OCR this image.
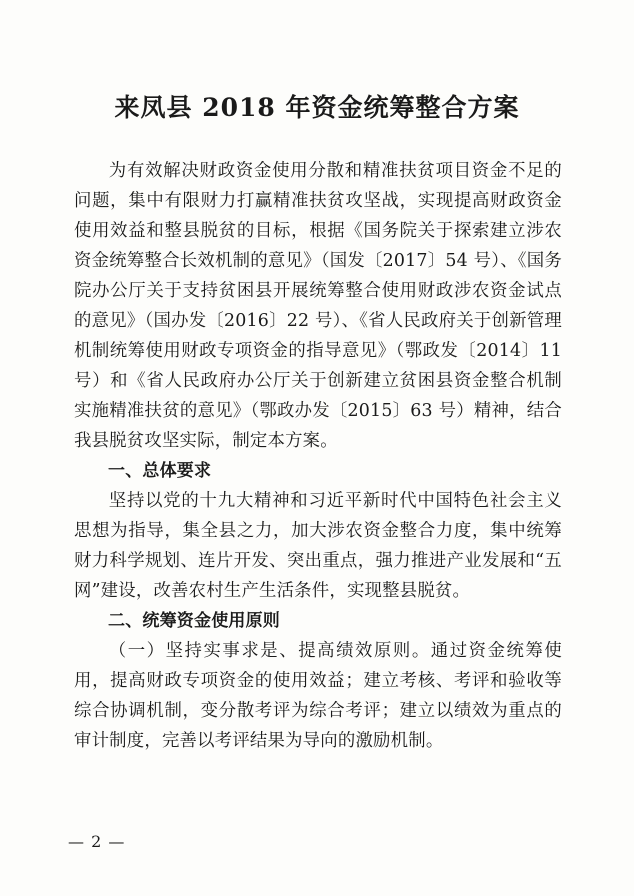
来凤县 2018 年资金统筹整合方案

为有效解决财政资金使用分散和精准扶贫项目资金不足的问题，集中有限财力打赢精准扶贫攻坚战，实现提高财政资金使用效益和整县脱贫的目标，根据《国务院关于探索建立涉农资金统筹整合长效机制的意见》（国发〔2017〕54 号）、《国务院办公厅关于支持贫困县开展统筹整合使用财政涉农资金试点的意见》（国办发〔2016〕22 号）、《省人民政府关于创新管理机制统筹使用财政专项资金的指导意见》（鄂政发〔2014〕11 号）和《省人民政府办公厅关于创新建立贫困县资金整合机制实施精准扶贫的意见》（鄂政办发〔2015〕63 号）精神，结合我县脱贫攻坚实际，制定本方案。

一、总体要求

坚持以党的十九大精神和习近平新时代中国特色社会主义思想为指导，集全县之力，加大涉农资金整合力度，集中统筹财力科学规划、连片开发、突出重点，强力推进产业发展和“五网”建设，改善农村生产生活条件，实现整县脱贫。

二、统筹资金使用原则

（一）坚持实事求是、提高绩效原则。通过资金统筹使用，提高财政专项资金的使用效益；建立考核、考评和验收等综合协调机制，变分散考评为综合考评；建立以绩效为重点的审计制度，完善以考评结果为导向的激励机制。

— 2 —
